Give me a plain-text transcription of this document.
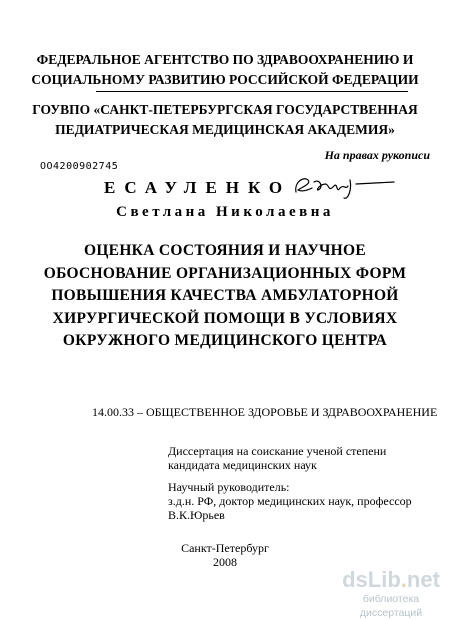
ФЕДЕРАЛЬНОЕ АГЕНТСТВО ПО ЗДРАВООХРАНЕНИЮ И
СОЦИАЛЬНОМУ РАЗВИТИЮ РОССИЙСКОЙ ФЕДЕРАЦИИ
ГОУВПО «САНКТ-ПЕТЕРБУРГСКАЯ ГОСУДАРСТВЕННАЯ
ПЕДИАТРИЧЕСКАЯ МЕДИЦИНСКАЯ АКАДЕМИЯ»
На правах рукописи
ОО4200902745
ЕСАУЛЕНКО
Светлана Николаевна
ОЦЕНКА СОСТОЯНИЯ И НАУЧНОЕ
ОБОСНОВАНИЕ ОРГАНИЗАЦИОННЫХ ФОРМ
ПОВЫШЕНИЯ КАЧЕСТВА АМБУЛАТОРНОЙ
ХИРУРГИЧЕСКОЙ ПОМОЩИ В УСЛОВИЯХ
ОКРУЖНОГО МЕДИЦИНСКОГО ЦЕНТРА
14.00.33 – ОБЩЕСТВЕННОЕ ЗДОРОВЬЕ И ЗДРАВООХРАНЕНИЕ
Диссертация на соискание ученой степени
кандидата медицинских наук
Научный руководитель:
з.д.н. РФ, доктор медицинских наук, профессор В.К.Юрьев
Санкт-Петербург
2008
dsLib.net
библиотека диссертаций
